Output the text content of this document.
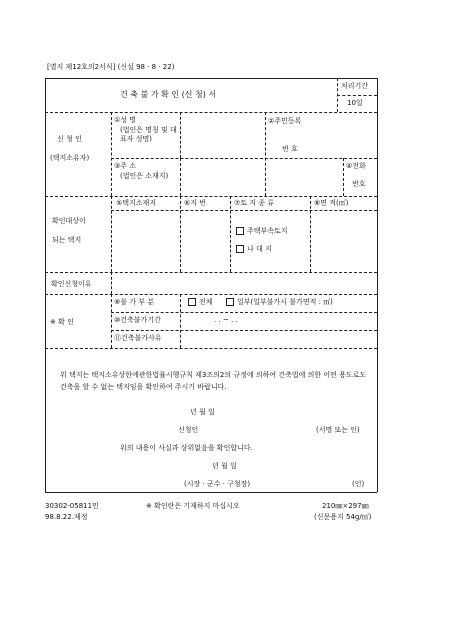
[별지 제12호의2서식] (신설 98 · 8 · 22)
건 축 불 가 확 인 (신 청) 서
처리기간
10일
신 청 인
(택지소유자)
①성 명
(법인은 명칭 및 대표자 성명)
②주민등록
번 호
③주 소
(법인은 소재지)
④전화
번호
확인대상이
되는 택지
⑤택지소재지	⑥지 번	⑦토 지 종 류	⑧면 적(㎡)
주택부속토지
나 대 지
확인신청이유
※ 확 인
⑨불 가 부 분	전체	일부(일부불가시 불가면적 : ㎡)
⑩건축불가기간	. . ~ . .
⑪건축불가사유
위 택지는 택지소유상한에관한법률시행규칙 제3조의2의 규정에 의하여 건축법에 의한 어떤 용도로도 건축을 할 수 없는 택지임을 확인하여 주시기 바랍니다.
년 월 일
신청인	(서명 또는 인)
위의 내용이 사실과 상위없음을 확인합니다.
년 월 일
(시장 · 군수 · 구청장)	(인)
30302-05811민	※ 확인란은 기재하지 마십시오	210㎜×297㎜
98.8.22.제정	(신문용지 54g/㎡)
